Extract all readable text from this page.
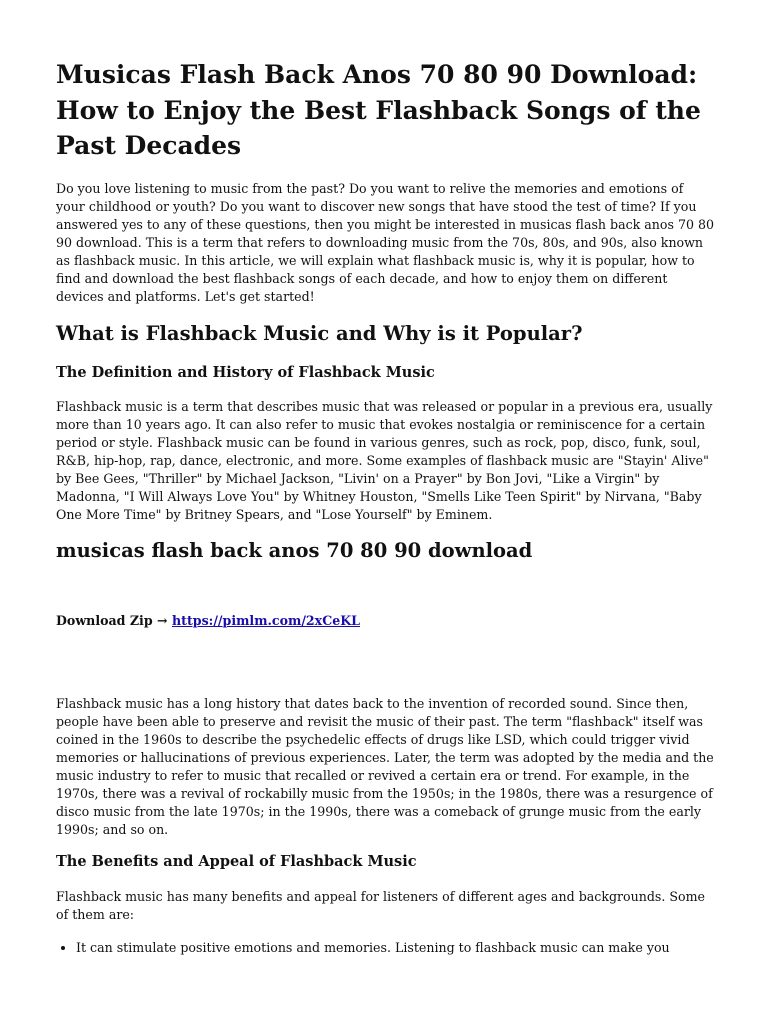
Musicas Flash Back Anos 70 80 90 Download: How to Enjoy the Best Flashback Songs of the Past Decades

Do you love listening to music from the past? Do you want to relive the memories and emotions of your childhood or youth? Do you want to discover new songs that have stood the test of time? If you answered yes to any of these questions, then you might be interested in musicas flash back anos 70 80 90 download. This is a term that refers to downloading music from the 70s, 80s, and 90s, also known as flashback music. In this article, we will explain what flashback music is, why it is popular, how to find and download the best flashback songs of each decade, and how to enjoy them on different devices and platforms. Let's get started!

What is Flashback Music and Why is it Popular?
The Definition and History of Flashback Music

Flashback music is a term that describes music that was released or popular in a previous era, usually more than 10 years ago. It can also refer to music that evokes nostalgia or reminiscence for a certain period or style. Flashback music can be found in various genres, such as rock, pop, disco, funk, soul, R&B, hip-hop, rap, dance, electronic, and more. Some examples of flashback music are "Stayin' Alive" by Bee Gees, "Thriller" by Michael Jackson, "Livin' on a Prayer" by Bon Jovi, "Like a Virgin" by Madonna, "I Will Always Love You" by Whitney Houston, "Smells Like Teen Spirit" by Nirvana, "Baby One More Time" by Britney Spears, and "Lose Yourself" by Eminem.

musicas flash back anos 70 80 90 download
Download Zip → https://pimlm.com/2xCeKL

Flashback music has a long history that dates back to the invention of recorded sound. Since then, people have been able to preserve and revisit the music of their past. The term "flashback" itself was coined in the 1960s to describe the psychedelic effects of drugs like LSD, which could trigger vivid memories or hallucinations of previous experiences. Later, the term was adopted by the media and the music industry to refer to music that recalled or revived a certain era or trend. For example, in the 1970s, there was a revival of rockabilly music from the 1950s; in the 1980s, there was a resurgence of disco music from the late 1970s; in the 1990s, there was a comeback of grunge music from the early 1990s; and so on.

The Benefits and Appeal of Flashback Music

Flashback music has many benefits and appeal for listeners of different ages and backgrounds. Some of them are:

• It can stimulate positive emotions and memories. Listening to flashback music can make you
